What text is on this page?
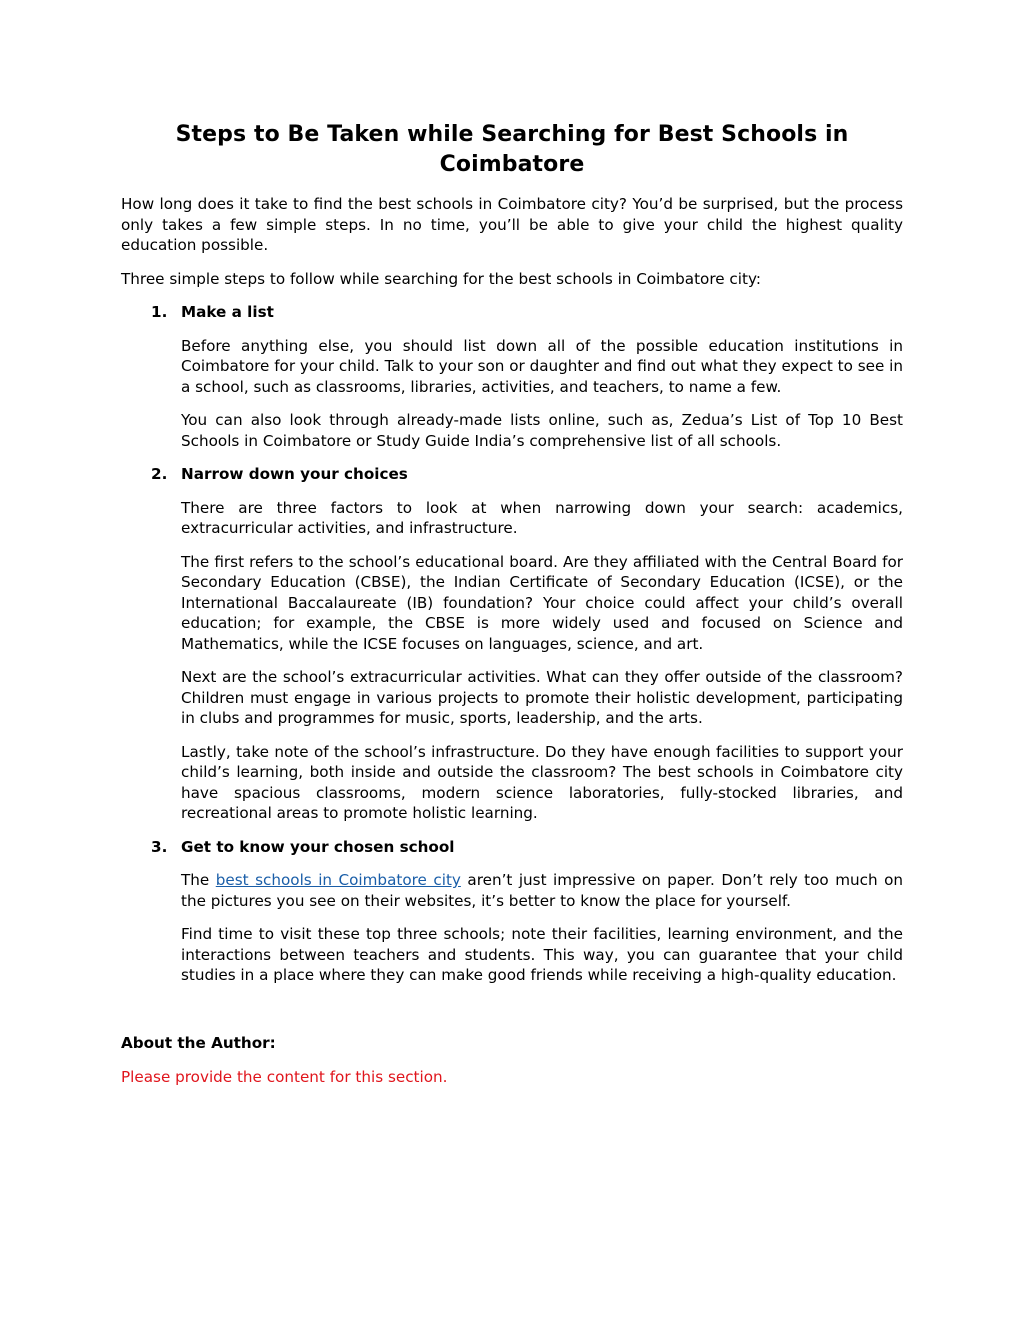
Steps to Be Taken while Searching for Best Schools in Coimbatore

How long does it take to find the best schools in Coimbatore city? You’d be surprised, but the process only takes a few simple steps. In no time, you’ll be able to give your child the highest quality education possible.

Three simple steps to follow while searching for the best schools in Coimbatore city:

1. Make a list

Before anything else, you should list down all of the possible education institutions in Coimbatore for your child. Talk to your son or daughter and find out what they expect to see in a school, such as classrooms, libraries, activities, and teachers, to name a few.

You can also look through already-made lists online, such as, Zedua’s List of Top 10 Best Schools in Coimbatore or Study Guide India’s comprehensive list of all schools.

2. Narrow down your choices

There are three factors to look at when narrowing down your search: academics, extracurricular activities, and infrastructure.

The first refers to the school’s educational board. Are they affiliated with the Central Board for Secondary Education (CBSE), the Indian Certificate of Secondary Education (ICSE), or the International Baccalaureate (IB) foundation? Your choice could affect your child’s overall education; for example, the CBSE is more widely used and focused on Science and Mathematics, while the ICSE focuses on languages, science, and art.

Next are the school’s extracurricular activities. What can they offer outside of the classroom? Children must engage in various projects to promote their holistic development, participating in clubs and programmes for music, sports, leadership, and the arts.

Lastly, take note of the school’s infrastructure. Do they have enough facilities to support your child’s learning, both inside and outside the classroom? The best schools in Coimbatore city have spacious classrooms, modern science laboratories, fully-stocked libraries, and recreational areas to promote holistic learning.

3. Get to know your chosen school

The best schools in Coimbatore city aren’t just impressive on paper. Don’t rely too much on the pictures you see on their websites, it’s better to know the place for yourself.

Find time to visit these top three schools; note their facilities, learning environment, and the interactions between teachers and students. This way, you can guarantee that your child studies in a place where they can make good friends while receiving a high-quality education.

About the Author:
Please provide the content for this section.
